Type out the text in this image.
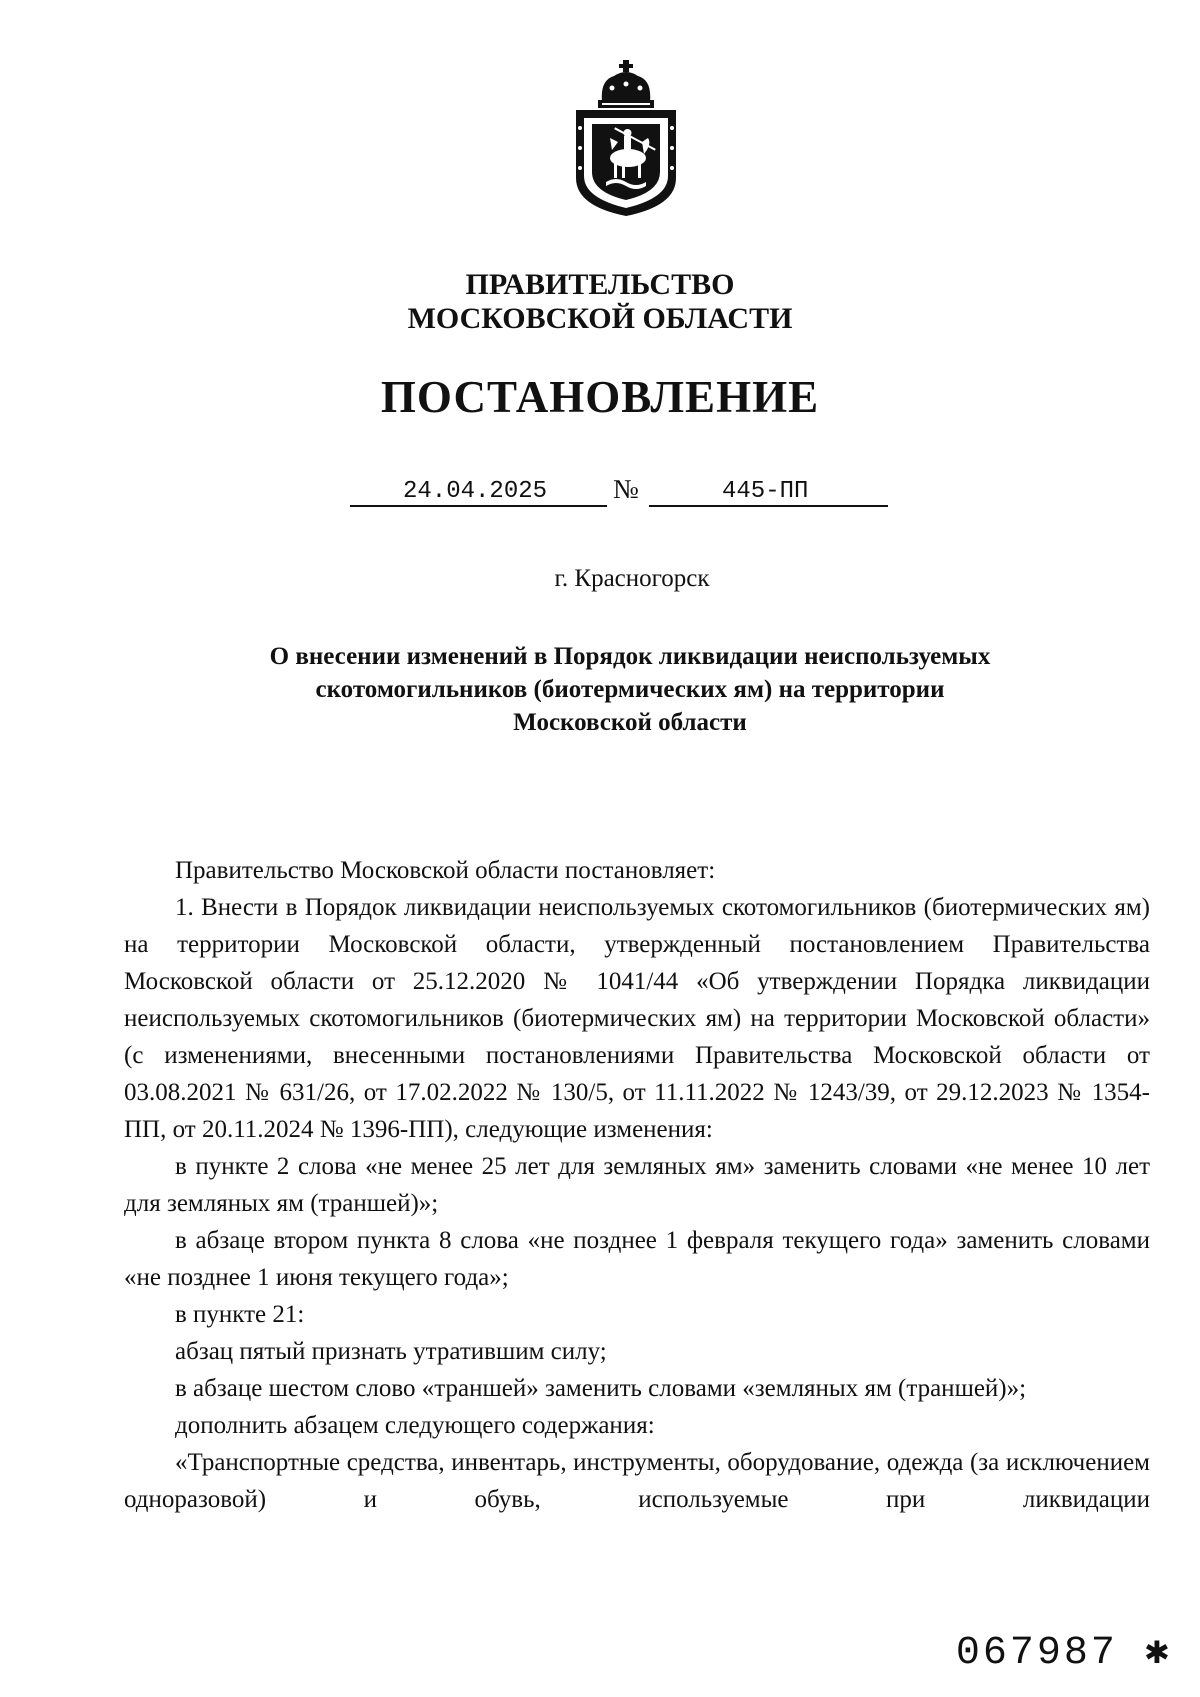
ПРАВИТЕЛЬСТВО
МОСКОВСКОЙ ОБЛАСТИ
ПОСТАНОВЛЕНИЕ
24.04.2025 №	445-ПП
г. Красногорск
О внесении изменений в Порядок ликвидации неиспользуемых
скотомогильников (биотермических ям) на территории
Московской области

Правительство Московской области постановляет:

1. Внести в Порядок ликвидации неиспользуемых скотомогильников (биотермических ям) на территории Московской области, утвержденный постановлением Правительства Московской области от 25.12.2020 № 1041/44 «Об утверждении Порядка ликвидации неиспользуемых скотомогильников (биотермических ям) на территории Московской области» (с изменениями, внесенными постановлениями Правительства Московской области от 03.08.2021 № 631/26, от 17.02.2022 № 130/5, от 11.11.2022 № 1243/39, от 29.12.2023 № 1354-ПП, от 20.11.2024 № 1396-ПП), следующие изменения:

в пункте 2 слова «не менее 25 лет для земляных ям» заменить словами «не менее 10 лет для земляных ям (траншей)»;

в абзаце втором пункта 8 слова «не позднее 1 февраля текущего года» заменить словами «не позднее 1 июня текущего года»;

в пункте 21:

абзац пятый признать утратившим силу;

в абзаце шестом слово «траншей» заменить словами «земляных ям (траншей)»;

дополнить абзацем следующего содержания:

«Транспортные средства, инвентарь, инструменты, оборудование, одежда (за исключением одноразовой) и обувь, используемые при ликвидации

067987 ✱
